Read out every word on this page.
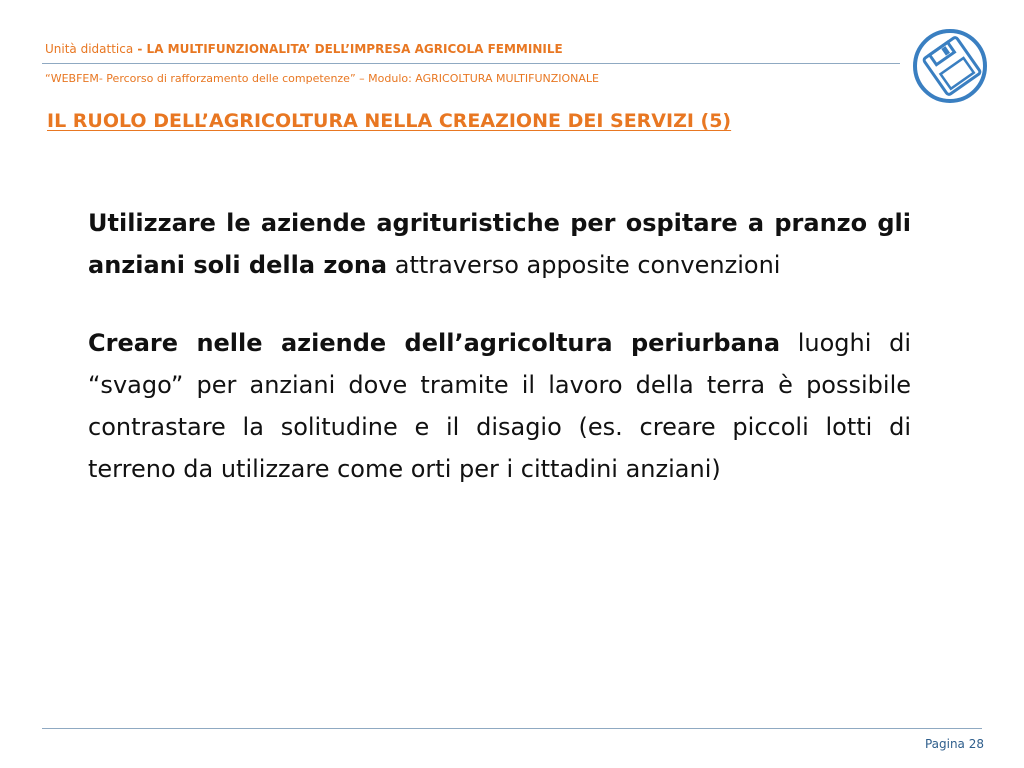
Unità didattica - LA MULTIFUNZIONALITA’ DELL’IMPRESA AGRICOLA FEMMINILE
“WEBFEM- Percorso di rafforzamento delle competenze” – Modulo: AGRICOLTURA MULTIFUNZIONALE
IL RUOLO DELL’AGRICOLTURA NELLA CREAZIONE DEI SERVIZI (5)

Utilizzare le aziende agrituristiche per ospitare a pranzo gli anziani soli della zona attraverso apposite convenzioni

Creare nelle aziende dell’agricoltura periurbana luoghi di “svago” per anziani dove tramite il lavoro della terra è possibile contrastare la solitudine e il disagio (es. creare piccoli lotti di terreno da utilizzare come orti per i cittadini anziani)

Pagina 28
